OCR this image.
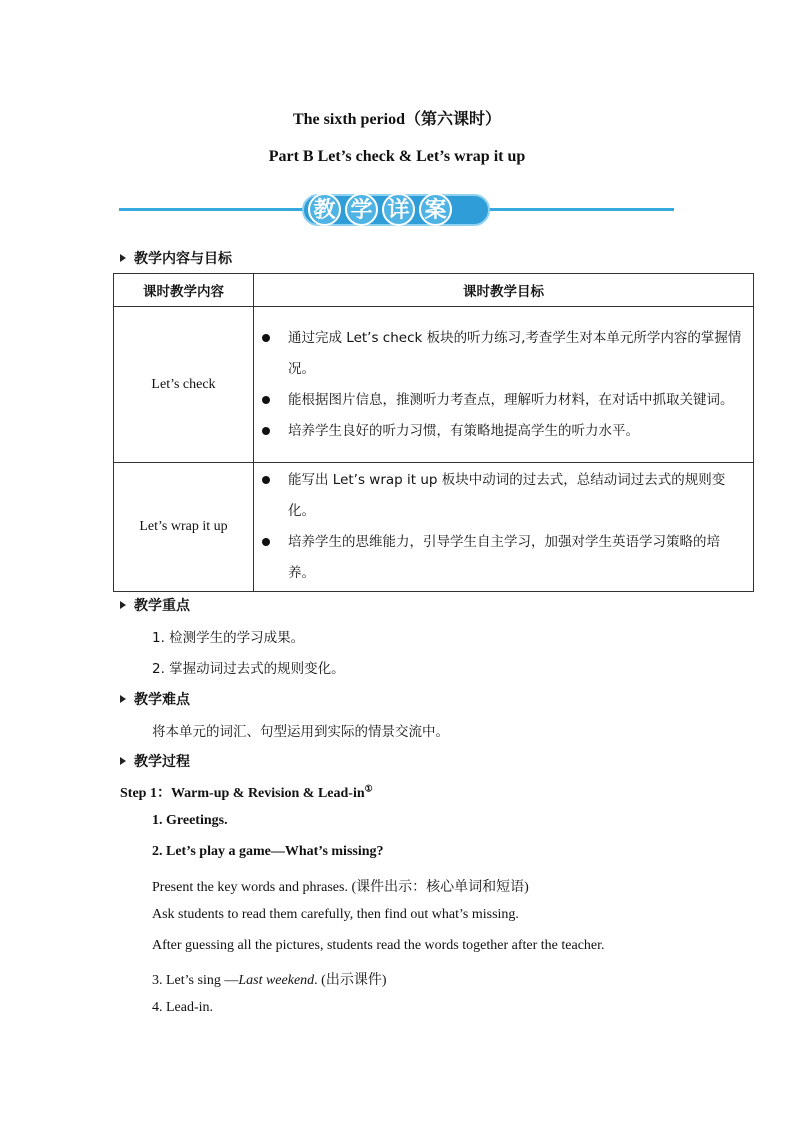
The sixth period（第六课时）
Part B Let’s check & Let’s wrap it up
教 学 详 案
教学内容与目标
课时教学内容	课时教学目标
Let’s check	通过完成 Let’s check 板块的听力练习,考查学生对本单元所学内容的掌握情况。
能根据图片信息，推测听力考查点，理解听力材料，在对话中抓取关键词。
培养学生良好的听力习惯，有策略地提高学生的听力水平。

Let’s wrap it up	能写出 Let’s wrap it up 板块中动词的过去式，总结动词过去式的规则变化。
培养学生的思维能力，引导学生自主学习，加强对学生英语学习策略的培养。
教学重点
1. 检测学生的学习成果。
2. 掌握动词过去式的规则变化。
教学难点
将本单元的词汇、句型运用到实际的情景交流中。
教学过程
Step 1：Warm-up & Revision & Lead-in①
1. Greetings.
2. Let’s play a game—What’s missing?
Present the key words and phrases. (课件出示：核心单词和短语)
Ask students to read them carefully, then find out what’s missing.
After guessing all the pictures, students read the words together after the teacher.
3. Let’s sing —Last weekend. (出示课件)
4. Lead-in.
